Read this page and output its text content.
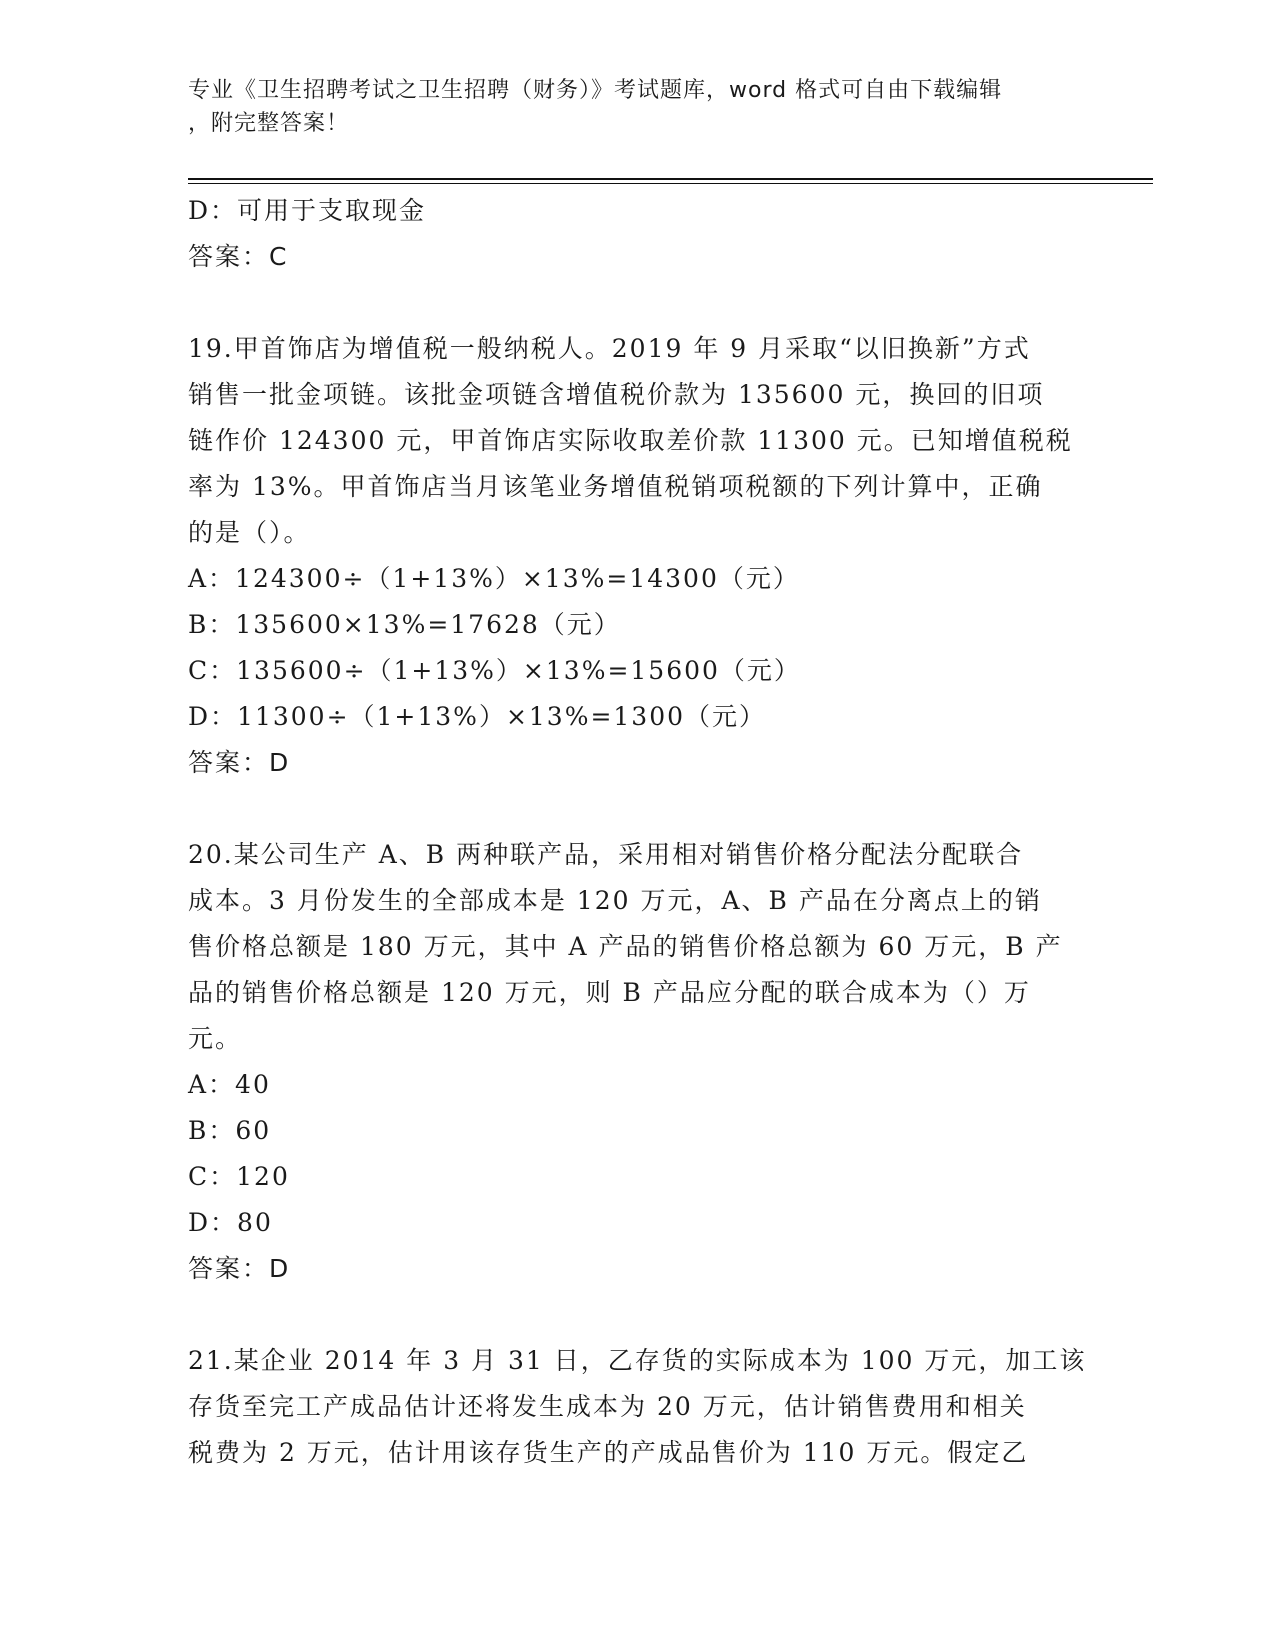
专业《卫生招聘考试之卫生招聘（财务）》考试题库，word 格式可自由下载编辑
，附完整答案！
D：可用于支取现金
答案：C
19.甲首饰店为增值税一般纳税人。2019 年 9 月采取“以旧换新”方式
销售一批金项链。该批金项链含增值税价款为 135600 元，换回的旧项
链作价 124300 元，甲首饰店实际收取差价款 11300 元。已知增值税税
率为 13%。甲首饰店当月该笔业务增值税销项税额的下列计算中，正确
的是（）。
A：124300÷（1+13%）×13%=14300（元）
B：135600×13%=17628（元）
C：135600÷（1+13%）×13%=15600（元）
D：11300÷（1+13%）×13%=1300（元）
答案：D
20.某公司生产 A、B 两种联产品，采用相对销售价格分配法分配联合
成本。3 月份发生的全部成本是 120 万元，A、B 产品在分离点上的销
售价格总额是 180 万元，其中 A 产品的销售价格总额为 60 万元，B 产
品的销售价格总额是 120 万元，则 B 产品应分配的联合成本为（）万
元。
A：40
B：60
C：120
D：80
答案：D
21.某企业 2014 年 3 月 31 日，乙存货的实际成本为 100 万元，加工该
存货至完工产成品估计还将发生成本为 20 万元，估计销售费用和相关
税费为 2 万元，估计用该存货生产的产成品售价为 110 万元。假定乙
